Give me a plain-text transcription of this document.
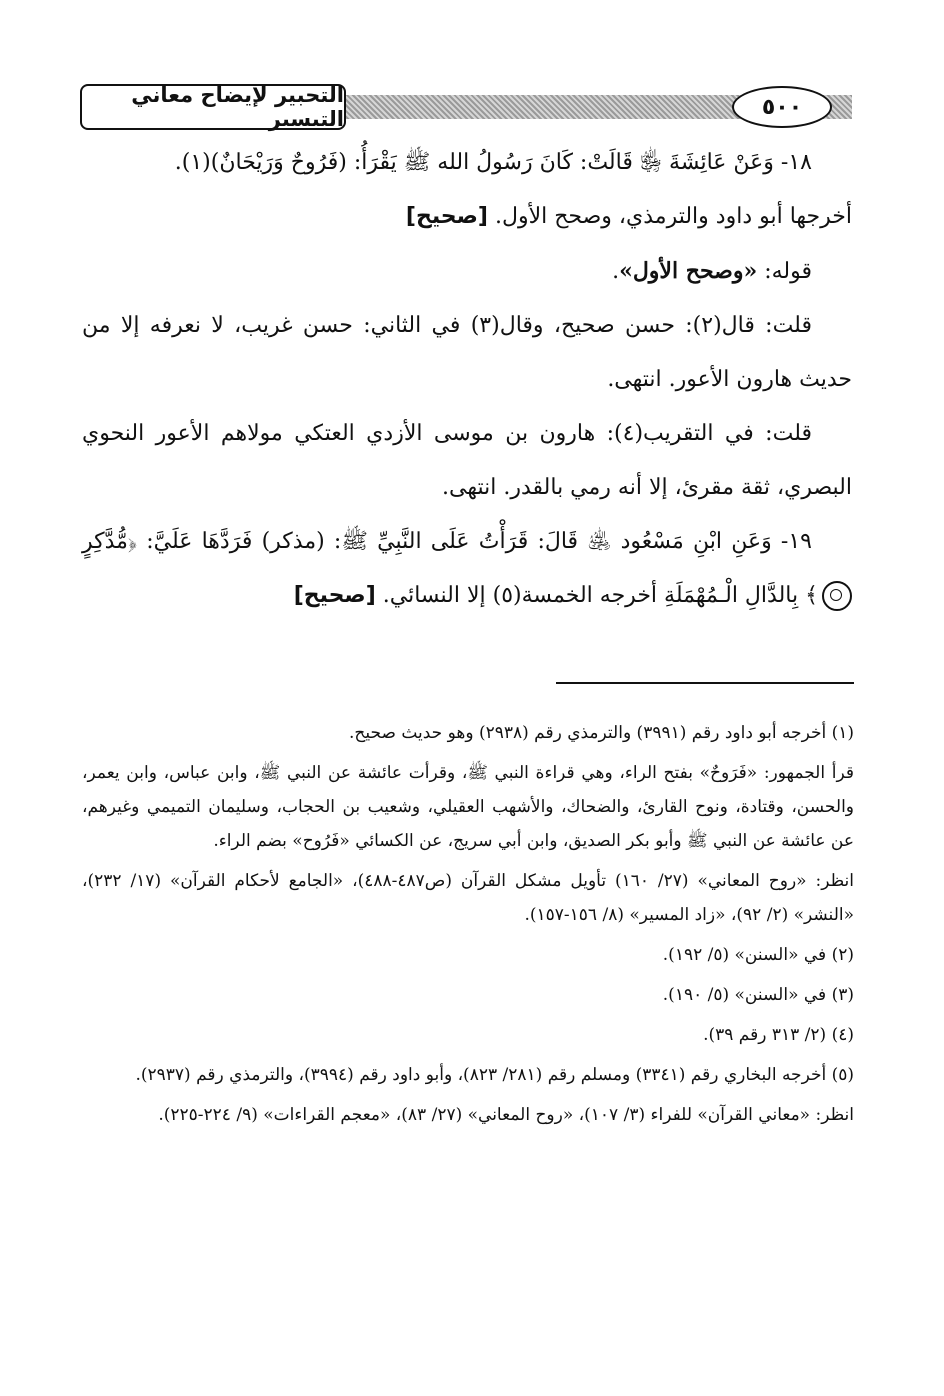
التحبير لإيضاح معاني التيسير	٥٠٠

١٨- وَعَنْ عَائِشَةَ ﵂ قَالَتْ: كَانَ رَسُولُ الله ﷺ يَقْرَأُ: (فَرُوحٌ وَرَيْحَانٌ)(١).

أخرجها أبو داود والترمذي، وصحح الأول. [صحيح]

قوله: «وصحح الأول».

قلت: قال(٢): حسن صحيح، وقال(٣) في الثاني: حسن غريب، لا نعرفه إلا من حديث هارون الأعور. انتهى.

قلت: في التقريب(٤): هارون بن موسى الأزدي العتكي مولاهم الأعور النحوي البصري، ثقة مقرئ، إلا أنه رمي بالقدر. انتهى.

١٩- وَعَنِ ابْنِ مَسْعُود ﵁ قَالَ: قَرَأْتُ عَلَى النَّبِيِّ ﷺ: (مذكر) فَرَدَّهَا عَلَيَّ: ﴿مُّدَّكِرٍ ﴾ بِالدَّالِ الْـمُهْمَلَةِ أخرجه الخمسة(٥) إلا النسائي. [صحيح]

(١) أخرجه أبو داود رقم (٣٩٩١) والترمذي رقم (٢٩٣٨) وهو حديث صحيح.

قرأ الجمهور: «فَرَوحٌ» بفتح الراء، وهي قراءة النبي ﷺ، وقرأت عائشة عن النبي ﷺ، وابن عباس، وابن يعمر، والحسن، وقتادة، ونوح القارئ، والضحاك، والأشهب العقيلي، وشعيب بن الحجاب، وسليمان التميمي وغيرهم، عن عائشة عن النبي ﷺ وأبو بكر الصديق، وابن أبي سريج، عن الكسائي «فَرُوح» بضم الراء.

انظر: «روح المعاني» (٢٧/ ١٦٠) تأويل مشكل القرآن (ص٤٨٧-٤٨٨)، «الجامع لأحكام القرآن» (١٧/ ٢٣٢)، «النشر» (٢/ ٩٢)، «زاد المسير» (٨/ ١٥٦-١٥٧).

(٢) في «السنن» (٥/ ١٩٢).

(٣) في «السنن» (٥/ ١٩٠).

(٤) (٢/ ٣١٣ رقم ٣٩).

(٥) أخرجه البخاري رقم (٣٣٤١) ومسلم رقم (٢٨١/ ٨٢٣)، وأبو داود رقم (٣٩٩٤)، والترمذي رقم (٢٩٣٧).

انظر: «معاني القرآن» للفراء (٣/ ١٠٧)، «روح المعاني» (٢٧/ ٨٣)، «معجم القراءات» (٩/ ٢٢٤-٢٢٥).
